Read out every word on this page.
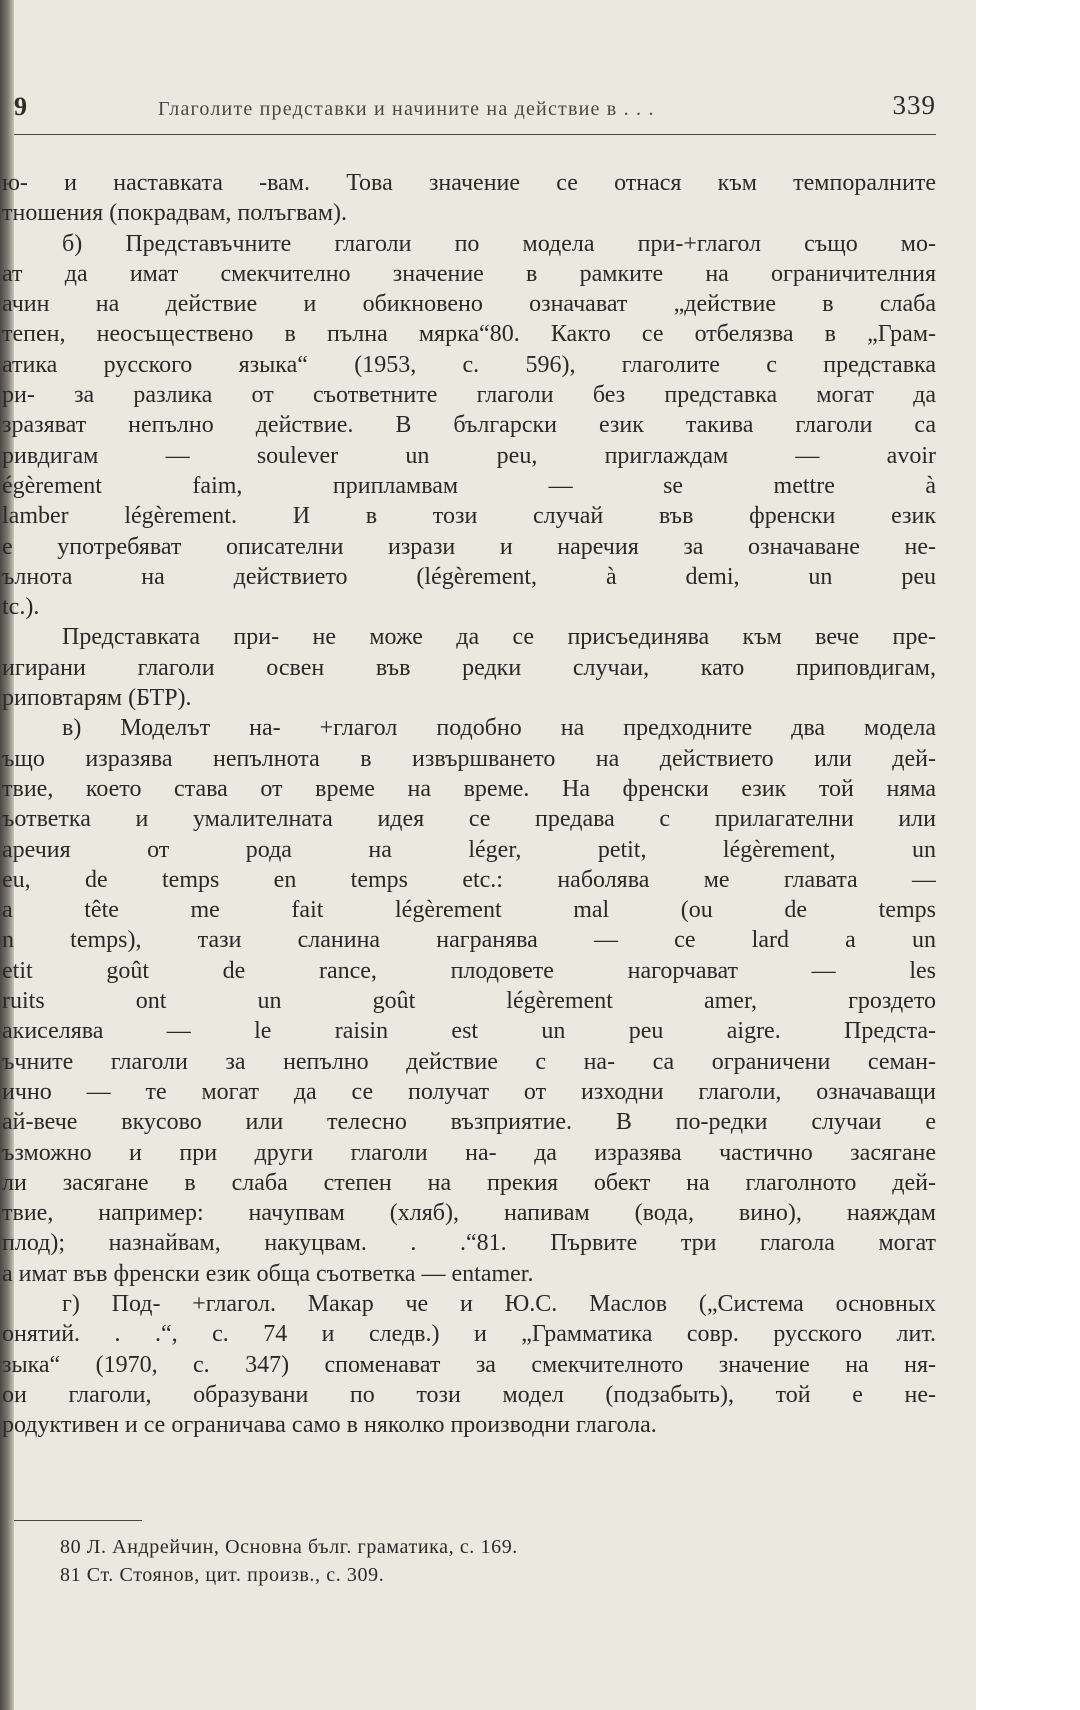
9	Глаголите представки и начините на действие в . . .	339
ю- и наставката -вам. Това значение се отнася към темпоралните
тношения (покрадвам, полъгвам).
б) Представъчните глаголи по модела при-+глагол също мо-
ат да имат смекчително значение в рамките на ограничителния
ачин на действие и обикновено означават „действие в слаба
тепен, неосъществено в пълна мярка“80. Както се отбелязва в „Грам-
атика русского языка“ (1953, с. 596), глаголите с представка
ри- за разлика от съответните глаголи без представка могат да
зразяват непълно действие. В български език такива глаголи са
ривдигам — soulever un peu, приглаждам — avoir
égèrement faim, припламвам — se mettre à
lamber légèrement. И в този случай във френски език
е употребяват описателни изрази и наречия за означаване не-
ълнота на действието (légèrement, à demi, un peu
tc.).
Представката при- не може да се присъединява към вече пре-
игирани глаголи освен във редки случаи, като приповдигам,
риповтарям (БТР).
в) Моделът на- +глагол подобно на предходните два модела
ъщо изразява непълнота в извършването на действието или дей-
твие, което става от време на време. На френски език той няма
ъответка и умалителната идея се предава с прилагателни или
аречия от рода на léger, petit, légèrement, un
eu, de temps en temps etc.: наболява ме главата —
a tête me fait légèrement mal (ou de temps
n temps), тази сланина награнява — ce lard a un
etit goût de rance, плодовете нагорчават — les
ruits ont un goût légèrement amer, гроздето
акиселява — le raisin est un peu aigre. Предста-
ъчните глаголи за непълно действие с на- са ограничени семан-
ично — те могат да се получат от изходни глаголи, означаващи
ай-вече вкусово или телесно възприятие. В по-редки случаи е
ъзможно и при други глаголи на- да изразява частично засягане
ли засягане в слаба степен на прекия обект на глаголното дей-
твие, например: начупвам (хляб), напивам (вода, вино), наяждам
плод); назнайвам, накуцвам. . .“81. Първите три глагола могат
а имат във френски език обща съответка — entamer.
г) Под- +глагол. Макар че и Ю.С. Маслов („Система основных
онятий. . .“, с. 74 и следв.) и „Грамматика совр. русского лит.
зыка“ (1970, с. 347) споменават за смекчителното значение на ня-
ои глаголи, образувани по този модел (подзабыть), той е не-
родуктивен и се ограничава само в няколко производни глагола.
80 Л. Андрейчин, Основна бълг. граматика, с. 169.
81 Ст. Стоянов, цит. произв., с. 309.
